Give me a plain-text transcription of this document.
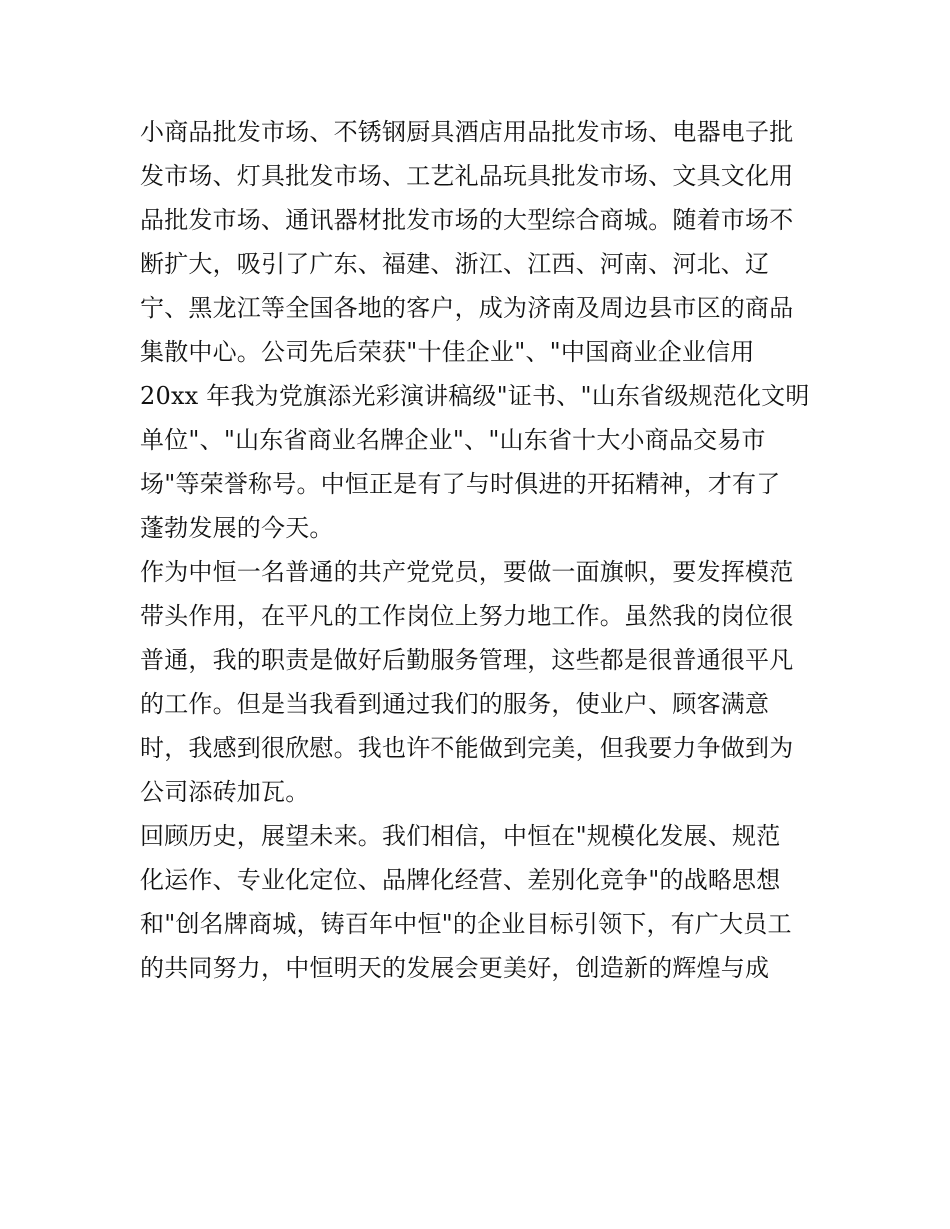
小商品批发市场、不锈钢厨具酒店用品批发市场、电器电子批
发市场、灯具批发市场、工艺礼品玩具批发市场、文具文化用
品批发市场、通讯器材批发市场的大型综合商城。随着市场不
断扩大，吸引了广东、福建、浙江、江西、河南、河北、辽
宁、黑龙江等全国各地的客户，成为济南及周边县市区的商品
集散中心。公司先后荣获"十佳企业"、"中国商业企业信用
20xx 年我为党旗添光彩演讲稿级"证书、"山东省级规范化文明
单位"、"山东省商业名牌企业"、"山东省十大小商品交易市
场"等荣誉称号。中恒正是有了与时俱进的开拓精神，才有了
蓬勃发展的今天。
作为中恒一名普通的共产党党员，要做一面旗帜，要发挥模范
带头作用，在平凡的工作岗位上努力地工作。虽然我的岗位很
普通，我的职责是做好后勤服务管理，这些都是很普通很平凡
的工作。但是当我看到通过我们的服务，使业户、顾客满意
时，我感到很欣慰。我也许不能做到完美，但我要力争做到为
公司添砖加瓦。
回顾历史，展望未来。我们相信，中恒在"规模化发展、规范
化运作、专业化定位、品牌化经营、差别化竞争"的战略思想
和"创名牌商城，铸百年中恒"的企业目标引领下，有广大员工
的共同努力，中恒明天的发展会更美好，创造新的辉煌与成
